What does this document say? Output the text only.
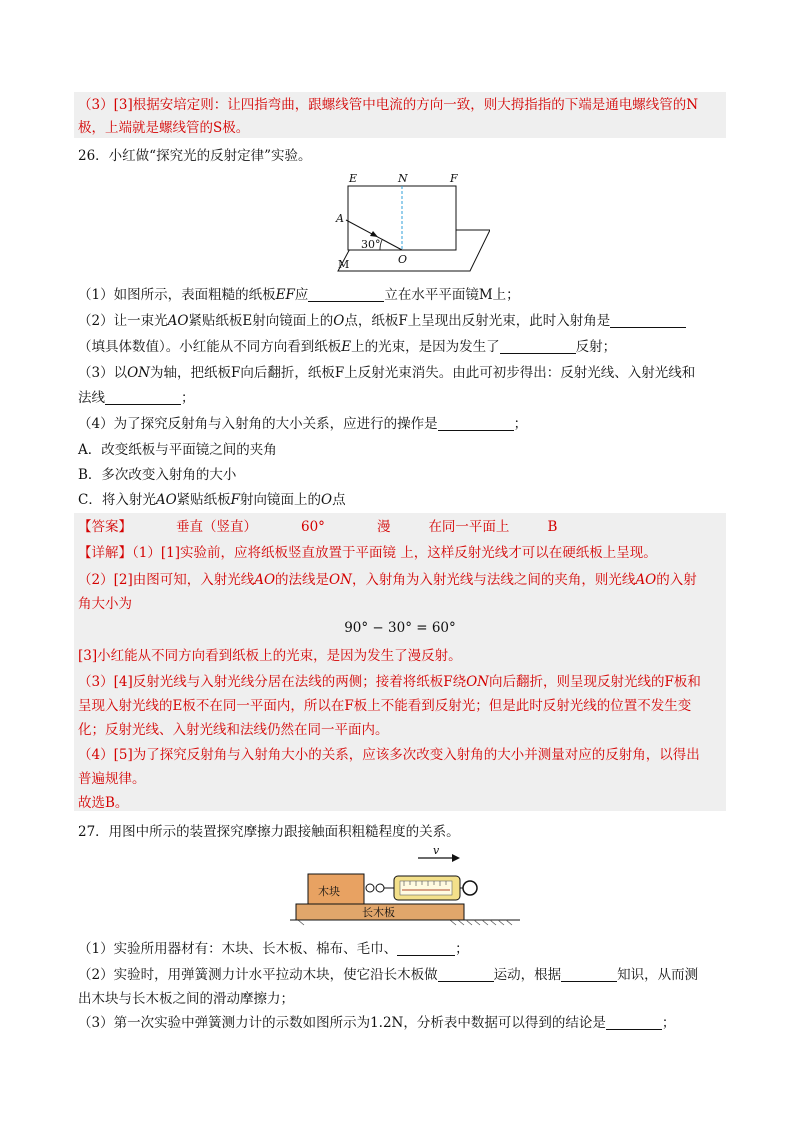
（3）[3]根据安培定则：让四指弯曲，跟螺线管中电流的方向一致，则大拇指指的下端是通电螺线管的N
极，上端就是螺线管的S极。
26．小红做“探究光的反射定律”实验。
E	N	F
A
30°
O
M
（1）如图所示，表面粗糙的纸板EF应	立在水平平面镜M上；
（2）让一束光AO紧贴纸板E射向镜面上的O点，纸板F上呈现出反射光束，此时入射角是
（填具体数值）。小红能从不同方向看到纸板E上的光束，是因为发生了	反射；
（3）以ON为轴，把纸板F向后翻折，纸板F上反射光束消失。由此可初步得出：反射光线、入射光线和
法线	；
（4）为了探究反射角与入射角的大小关系，应进行的操作是	；
A．改变纸板与平面镜之间的夹角
B．多次改变入射角的大小
C．将入射光AO紧贴纸板F射向镜面上的O点
【答案】	垂直（竖直）	60°	漫	在同一平面上	B
【详解】（1）[1]实验前，应将纸板竖直放置于平面镜 上，这样反射光线才可以在硬纸板上呈现。
（2）[2]由图可知，入射光线AO的法线是ON，入射角为入射光线与法线之间的夹角，则光线AO的入射
角大小为
90° − 30° = 60°
[3]小红能从不同方向看到纸板上的光束，是因为发生了漫反射。
（3）[4]反射光线与入射光线分居在法线的两侧；接着将纸板F绕ON向后翻折，则呈现反射光线的F板和
呈现入射光线的E板不在同一平面内，所以在F板上不能看到反射光；但是此时反射光线的位置不发生变
化；反射光线、入射光线和法线仍然在同一平面内。
（4）[5]为了探究反射角与入射角大小的关系，应该多次改变入射角的大小并测量对应的反射角，以得出
普遍规律。
故选B。
27．用图中所示的装置探究摩擦力跟接触面积粗糙程度的关系。
v
长木板
木块
（1）实验所用器材有：木块、长木板、棉布、毛巾、	；
（2）实验时，用弹簧测力计水平拉动木块，使它沿长木板做	运动，根据	知识，从而测
出木块与长木板之间的滑动摩擦力；
（3）第一次实验中弹簧测力计的示数如图所示为1.2N，分析表中数据可以得到的结论是	；
